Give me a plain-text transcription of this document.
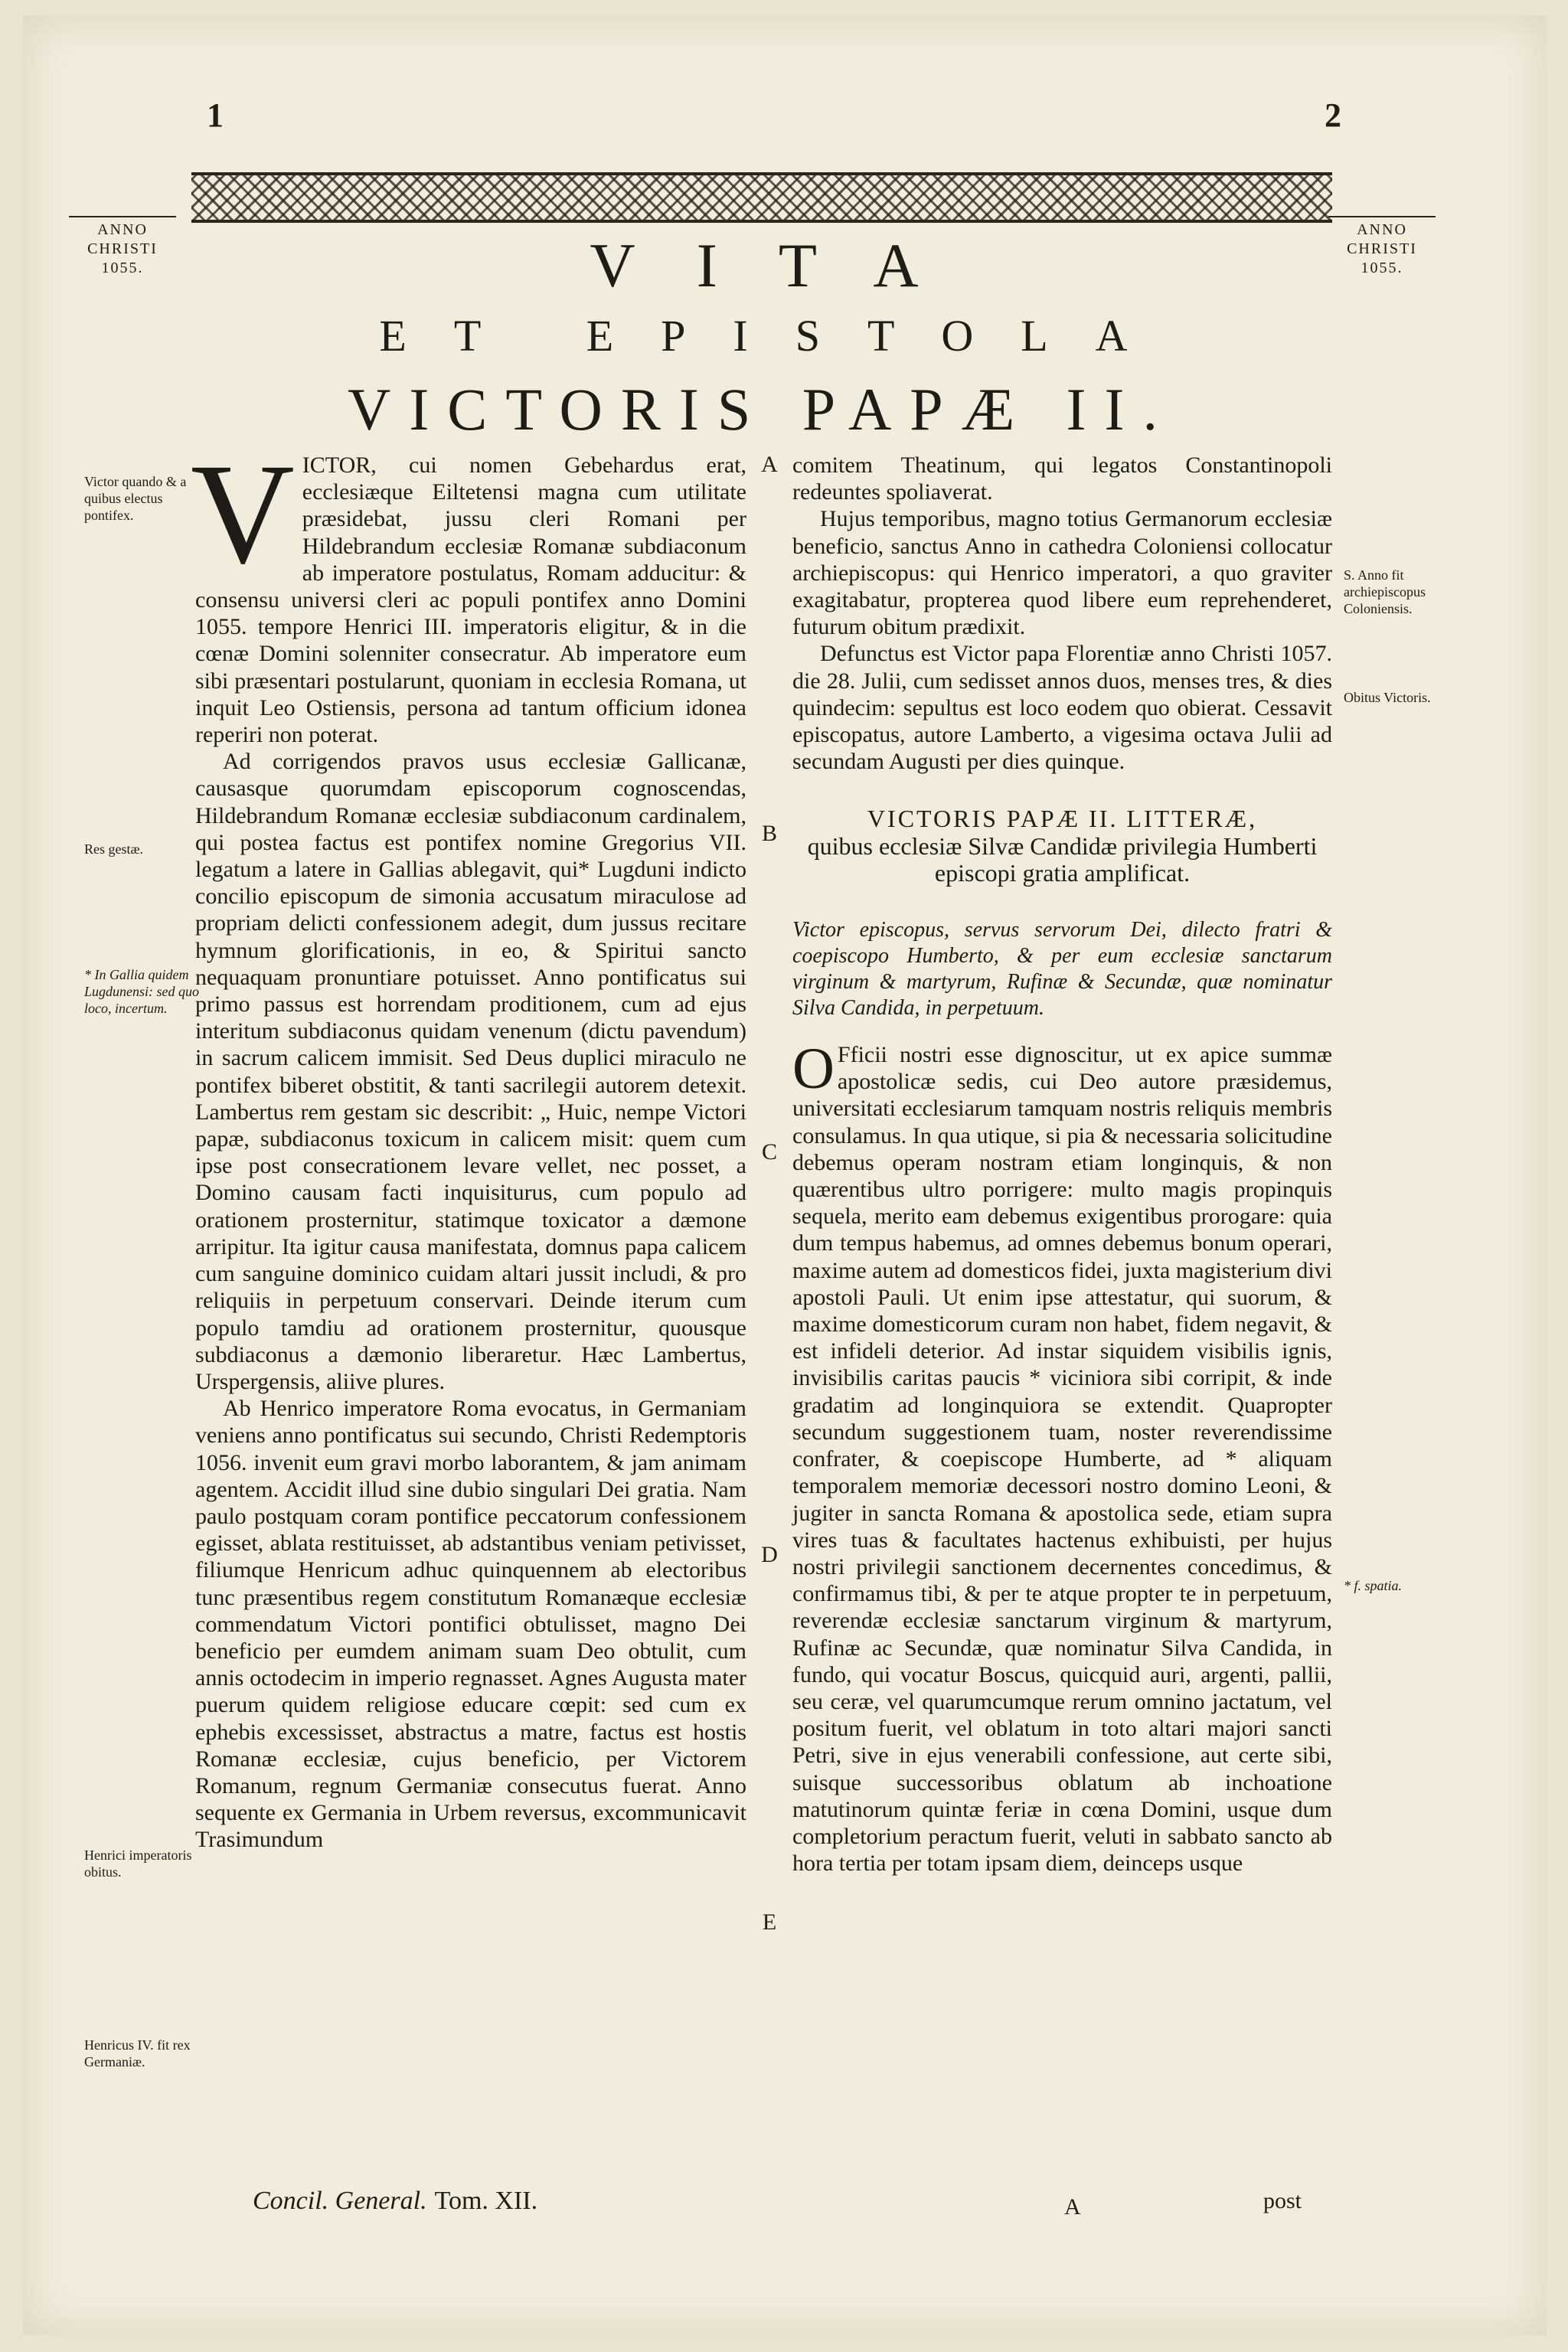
1	2
ANNO
CHRISTI
1055.
ANNO
CHRISTI
1055.
VITA
ET EPISTOLA
VICTORIS PAPÆ II.

VICTOR, cui nomen Gebehardus erat, ecclesiæque Eiltetensi magna cum utilitate præsidebat, jussu cleri Romani per Hildebrandum ecclesiæ Romanæ subdiaconum ab imperatore postulatus, Romam adducitur: & consensu universi cleri ac populi pontifex anno Domini 1055. tempore Henrici III. imperatoris eligitur, & in die cœnæ Domini solenniter consecratur. Ab imperatore eum sibi præsentari postularunt, quoniam in ecclesia Romana, ut inquit Leo Ostiensis, persona ad tantum officium idonea reperiri non poterat.

Ad corrigendos pravos usus ecclesiæ Gallicanæ, causasque quorumdam episcoporum cognoscendas, Hildebrandum Romanæ ecclesiæ subdiaconum cardinalem, qui postea factus est pontifex nomine Gregorius VII. legatum a latere in Gallias ablegavit, qui* Lugduni indicto concilio episcopum de simonia accusatum miraculose ad propriam delicti confessionem adegit, dum jussus recitare hymnum glorificationis, in eo, & Spiritui sancto nequaquam pronuntiare potuisset. Anno pontificatus sui primo passus est horrendam proditionem, cum ad ejus interitum subdiaconus quidam venenum (dictu pavendum) in sacrum calicem immisit. Sed Deus duplici miraculo ne pontifex biberet obstitit, & tanti sacrilegii autorem detexit. Lambertus rem gestam sic describit: „ Huic, nempe Victori papæ, subdiaconus toxicum in calicem misit: quem cum ipse post consecrationem levare vellet, nec posset, a Domino causam facti inquisiturus, cum populo ad orationem prosternitur, statimque toxicator a dæmone arripitur. Ita igitur causa manifestata, domnus papa calicem cum sanguine dominico cuidam altari jussit includi, & pro reliquiis in perpetuum conservari. Deinde iterum cum populo tamdiu ad orationem prosternitur, quousque subdiaconus a dæmonio liberaretur. Hæc Lambertus, Urspergensis, aliive plures.

Ab Henrico imperatore Roma evocatus, in Germaniam veniens anno pontificatus sui secundo, Christi Redemptoris 1056. invenit eum gravi morbo laborantem, & jam animam agentem. Accidit illud sine dubio singulari Dei gratia. Nam paulo postquam coram pontifice peccatorum confessionem egisset, ablata restituisset, ab adstantibus veniam petivisset, filiumque Henricum adhuc quinquennem ab electoribus tunc præsentibus regem constitutum Romanæque ecclesiæ commendatum Victori pontifici obtulisset, magno Dei beneficio per eumdem animam suam Deo obtulit, cum annis octodecim in imperio regnasset. Agnes Augusta mater puerum quidem religiose educare cœpit: sed cum ex ephebis excessisset, abstractus a matre, factus est hostis Romanæ ecclesiæ, cujus beneficio, per Victorem Romanum, regnum Germaniæ consecutus fuerat. Anno sequente ex Germania in Urbem reversus, excommunicavit Trasimundum

comitem Theatinum, qui legatos Constantinopoli redeuntes spoliaverat.

Hujus temporibus, magno totius Germanorum ecclesiæ beneficio, sanctus Anno in cathedra Coloniensi collocatur archiepiscopus: qui Henrico imperatori, a quo graviter exagitabatur, propterea quod libere eum reprehenderet, futurum obitum prædixit.

Defunctus est Victor papa Florentiæ anno Christi 1057. die 28. Julii, cum sedisset annos duos, menses tres, & dies quindecim: sepultus est loco eodem quo obierat. Cessavit episcopatus, autore Lamberto, a vigesima octava Julii ad secundam Augusti per dies quinque.

VICTORIS PAPÆ II. LITTERÆ,
quibus ecclesiæ Silvæ Candidæ privilegia Humberti episcopi gratia amplificat.

Victor episcopus, servus servorum Dei, dilecto fratri & coepiscopo Humberto, & per eum ecclesiæ sanctarum virginum & martyrum, Rufinæ & Secundæ, quæ nominatur Silva Candida, in perpetuum.

O Fficii nostri esse dignoscitur, ut ex apice summæ apostolicæ sedis, cui Deo autore præsidemus, universitati ecclesiarum tamquam nostris reliquis membris consulamus. In qua utique, si pia & necessaria solicitudine debemus operam nostram etiam longinquis, & non quærentibus ultro porrigere: multo magis propinquis sequela, merito eam debemus exigentibus prorogare: quia dum tempus habemus, ad omnes debemus bonum operari, maxime autem ad domesticos fidei, juxta magisterium divi apostoli Pauli. Ut enim ipse attestatur, qui suorum, & maxime domesticorum curam non habet, fidem negavit, & est infideli deterior. Ad instar siquidem visibilis ignis, invisibilis caritas paucis * viciniora sibi corripit, & inde gradatim ad longinquiora se extendit. Quapropter secundum suggestionem tuam, noster reverendissime confrater, & coepiscope Humberte, ad * aliquam temporalem memoriæ decessori nostro domino Leoni, & jugiter in sancta Romana & apostolica sede, etiam supra vires tuas & facultates hactenus exhibuisti, per hujus nostri privilegii sanctionem decernentes concedimus, & confirmamus tibi, & per te atque propter te in perpetuum, reverendæ ecclesiæ sanctarum virginum & martyrum, Rufinæ ac Secundæ, quæ nominatur Silva Candida, in fundo, qui vocatur Boscus, quicquid auri, argenti, pallii, seu ceræ, vel quarumcumque rerum omnino jactatum, vel positum fuerit, vel oblatum in toto altari majori sancti Petri, sive in ejus venerabili confessione, aut certe sibi, suisque successoribus oblatum ab inchoatione matutinorum quintæ feriæ in cœna Domini, usque dum completorium peractum fuerit, veluti in sabbato sancto ab hora tertia per totam ipsam diem, deinceps usque

Victor quando & a quibus electus pontifex.
Res gestæ.
* In Gallia quidem Lugdunensi: sed quo loco, incertum.
Henrici imperatoris obitus.
Henricus IV. fit rex Germaniæ.
S. Anno fit archiepiscopus Coloniensis.
Obitus Victoris.
* f. spatia.
A
B
C
D
E
Concil. General. Tom. XII.	A	post
